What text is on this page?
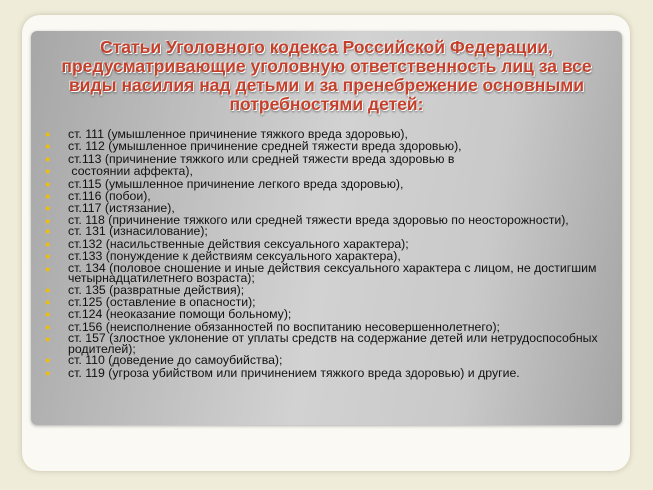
Статьи Уголовного кодекса Российской Федерации, предусматривающие уголовную ответственность лиц за все виды насилия над детьми и за пренебрежение основными потребностями детей:
● ст. 111 (умышленное причинение тяжкого вреда здоровью),
● ст. 112 (умышленное причинение средней тяжести вреда здоровью),
● ст.113 (причинение тяжкого или средней тяжести вреда здоровью в
● состоянии аффекта),
● ст.115 (умышленное причинение легкого вреда здоровью),
● ст.116 (побои),
● ст.117 (истязание),
● ст. 118 (причинение тяжкого или средней тяжести вреда здоровью по неосторожности),
● ст. 131 (изнасилование);
● ст.132 (насильственные действия сексуального характера);
● ст.133 (понуждение к действиям сексуального характера),
● ст. 134 (половое сношение и иные действия сексуального характера с лицом, не достигшим четырнадцатилетнего возраста);
● ст. 135 (развратные действия);
● ст.125 (оставление в опасности);
● ст.124 (неоказание помощи больному);
● ст.156 (неисполнение обязанностей по воспитанию несовершеннолетнего);
● ст. 157 (злостное уклонение от уплаты средств на содержание детей или нетрудоспособных родителей);
● ст. 110 (доведение до самоубийства);
● ст. 119 (угроза убийством или причинением тяжкого вреда здоровью) и другие.
